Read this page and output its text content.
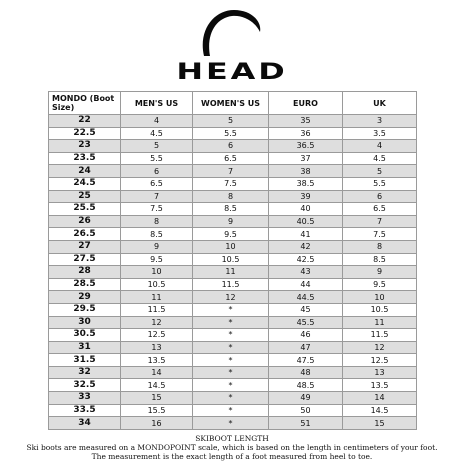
HEAD
MONDO (Boot Size)	MEN'S US	WOMEN'S US	EURO	UK
22	4	5	35	3
22.5	4.5	5.5	36	3.5
23	5	6	36.5	4
23.5	5.5	6.5	37	4.5
24	6	7	38	5
24.5	6.5	7.5	38.5	5.5
25	7	8	39	6
25.5	7.5	8.5	40	6.5
26	8	9	40.5	7
26.5	8.5	9.5	41	7.5
27	9	10	42	8
27.5	9.5	10.5	42.5	8.5
28	10	11	43	9
28.5	10.5	11.5	44	9.5
29	11	12	44.5	10
29.5	11.5	*	45	10.5
30	12	*	45.5	11
30.5	12.5	*	46	11.5
31	13	*	47	12
31.5	13.5	*	47.5	12.5
32	14	*	48	13
32.5	14.5	*	48.5	13.5
33	15	*	49	14
33.5	15.5	*	50	14.5
34	16	*	51	15
SKIBOOT LENGTH
Ski boots are measured on a MONDOPOINT scale, which is based on the length in centimeters of your foot.
The measurement is the exact length of a foot measured from heel to toe.
